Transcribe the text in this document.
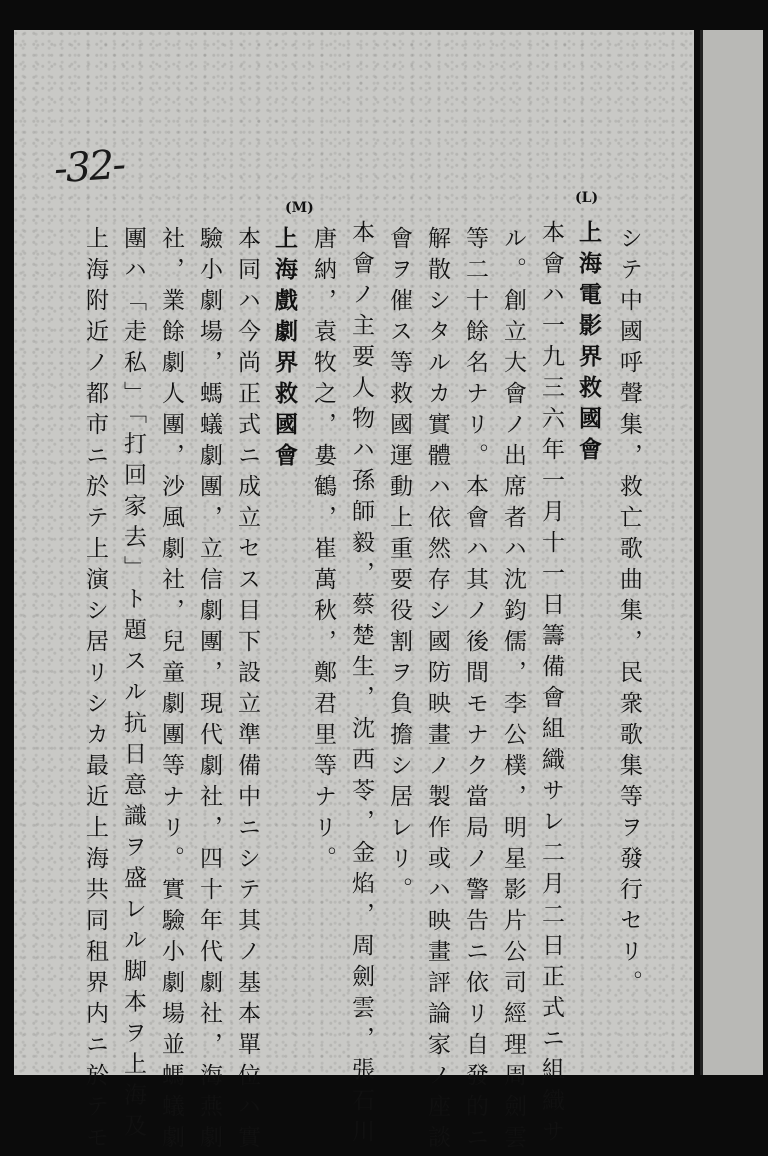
-32-
(L)
(M)
シテ中國呼聲集，救亡歌曲集，民衆歌集等ヲ發行セリ。
上海電影界救國會
本會ハ一九三六年一月十一日籌備會組織サレ二月二日正式ニ組織サ
ル。創立大會ノ出席者ハ沈鈞儒，李公樸，明星影片公司經理周劍雲
等二十餘名ナリ。本會ハ其ノ後間モナク當局ノ警告ニ依リ自發的ニ
解散シタルカ實體ハ依然存シ國防映畫ノ製作或ハ映畫評論家ノ座談
會ヲ催ス等救國運動上重要役割ヲ負擔シ居レリ。
本會ノ主要人物ハ孫師毅，蔡楚生，沈西苓，金焰，周劍雲，張石川
唐納，袁牧之，婁鶴，崔萬秋，鄭君里等ナリ。
上海戲劇界救國會
本同ハ今尚正式ニ成立セス目下設立準備中ニシテ其ノ基本單位ハ實
驗小劇場，螞蟻劇團，立信劇團，現代劇社，四十年代劇社，海燕劇
社，業餘劇人團，沙風劇社，兒童劇團等ナリ。實驗小劇場並螞蟻劇
團ハ「走私」「打回家去」ト題スル抗日意識ヲ盛レル脚本ヲ上海及
上海附近ノ都市ニ於テ上演シ居リシカ最近上海共同租界内ニ於テモ
